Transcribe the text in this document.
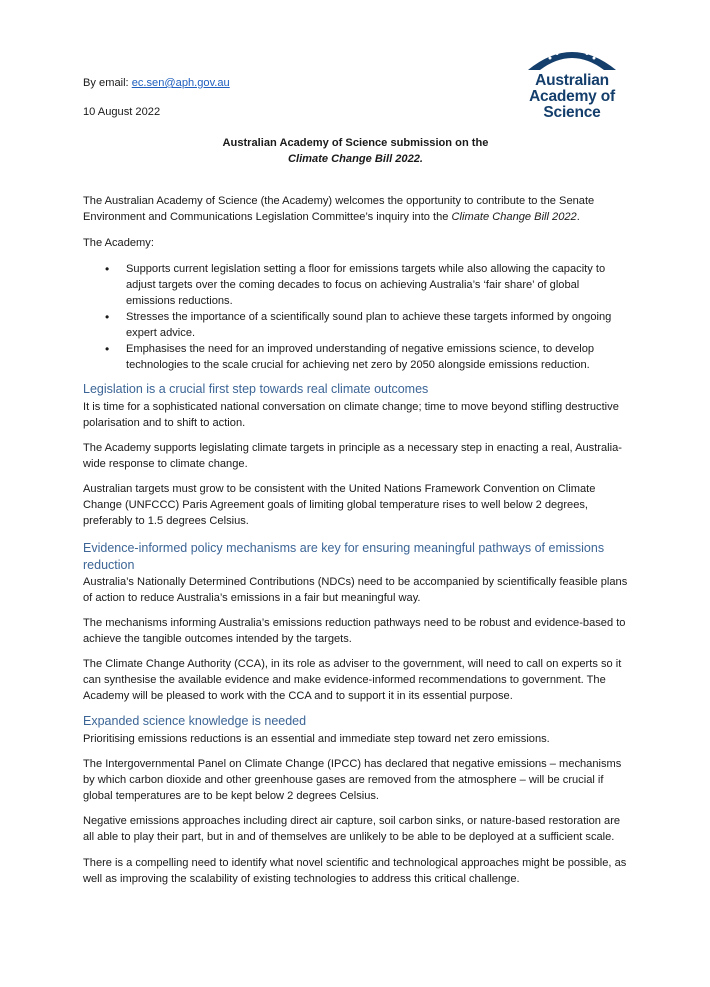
Australian
Academy of
Science

By email: ec.sen@aph.gov.au

10 August 2022

Australian Academy of Science submission on the

Climate Change Bill 2022.

The Australian Academy of Science (the Academy) welcomes the opportunity to contribute to the Senate Environment and Communications Legislation Committee’s inquiry into the Climate Change Bill 2022.

The Academy:

• Supports current legislation setting a floor for emissions targets while also allowing the capacity to adjust targets over the coming decades to focus on achieving Australia’s ‘fair share’ of global emissions reductions.
• Stresses the importance of a scientifically sound plan to achieve these targets informed by ongoing expert advice.
• Emphasises the need for an improved understanding of negative emissions science, to develop technologies to the scale crucial for achieving net zero by 2050 alongside emissions reduction.

Legislation is a crucial first step towards real climate outcomes

It is time for a sophisticated national conversation on climate change; time to move beyond stifling destructive polarisation and to shift to action.

The Academy supports legislating climate targets in principle as a necessary step in enacting a real, Australia-wide response to climate change.

Australian targets must grow to be consistent with the United Nations Framework Convention on Climate Change (UNFCCC) Paris Agreement goals of limiting global temperature rises to well below 2 degrees, preferably to 1.5 degrees Celsius.

Evidence-informed policy mechanisms are key for ensuring meaningful pathways of emissions reduction

Australia’s Nationally Determined Contributions (NDCs) need to be accompanied by scientifically feasible plans of action to reduce Australia’s emissions in a fair but meaningful way.

The mechanisms informing Australia’s emissions reduction pathways need to be robust and evidence-based to achieve the tangible outcomes intended by the targets.

The Climate Change Authority (CCA), in its role as adviser to the government, will need to call on experts so it can synthesise the available evidence and make evidence-informed recommendations to government. The Academy will be pleased to work with the CCA and to support it in its essential purpose.

Expanded science knowledge is needed

Prioritising emissions reductions is an essential and immediate step toward net zero emissions.

The Intergovernmental Panel on Climate Change (IPCC) has declared that negative emissions – mechanisms by which carbon dioxide and other greenhouse gases are removed from the atmosphere – will be crucial if global temperatures are to be kept below 2 degrees Celsius.

Negative emissions approaches including direct air capture, soil carbon sinks, or nature-based restoration are all able to play their part, but in and of themselves are unlikely to be able to be deployed at a sufficient scale.

There is a compelling need to identify what novel scientific and technological approaches might be possible, as well as improving the scalability of existing technologies to address this critical challenge.
